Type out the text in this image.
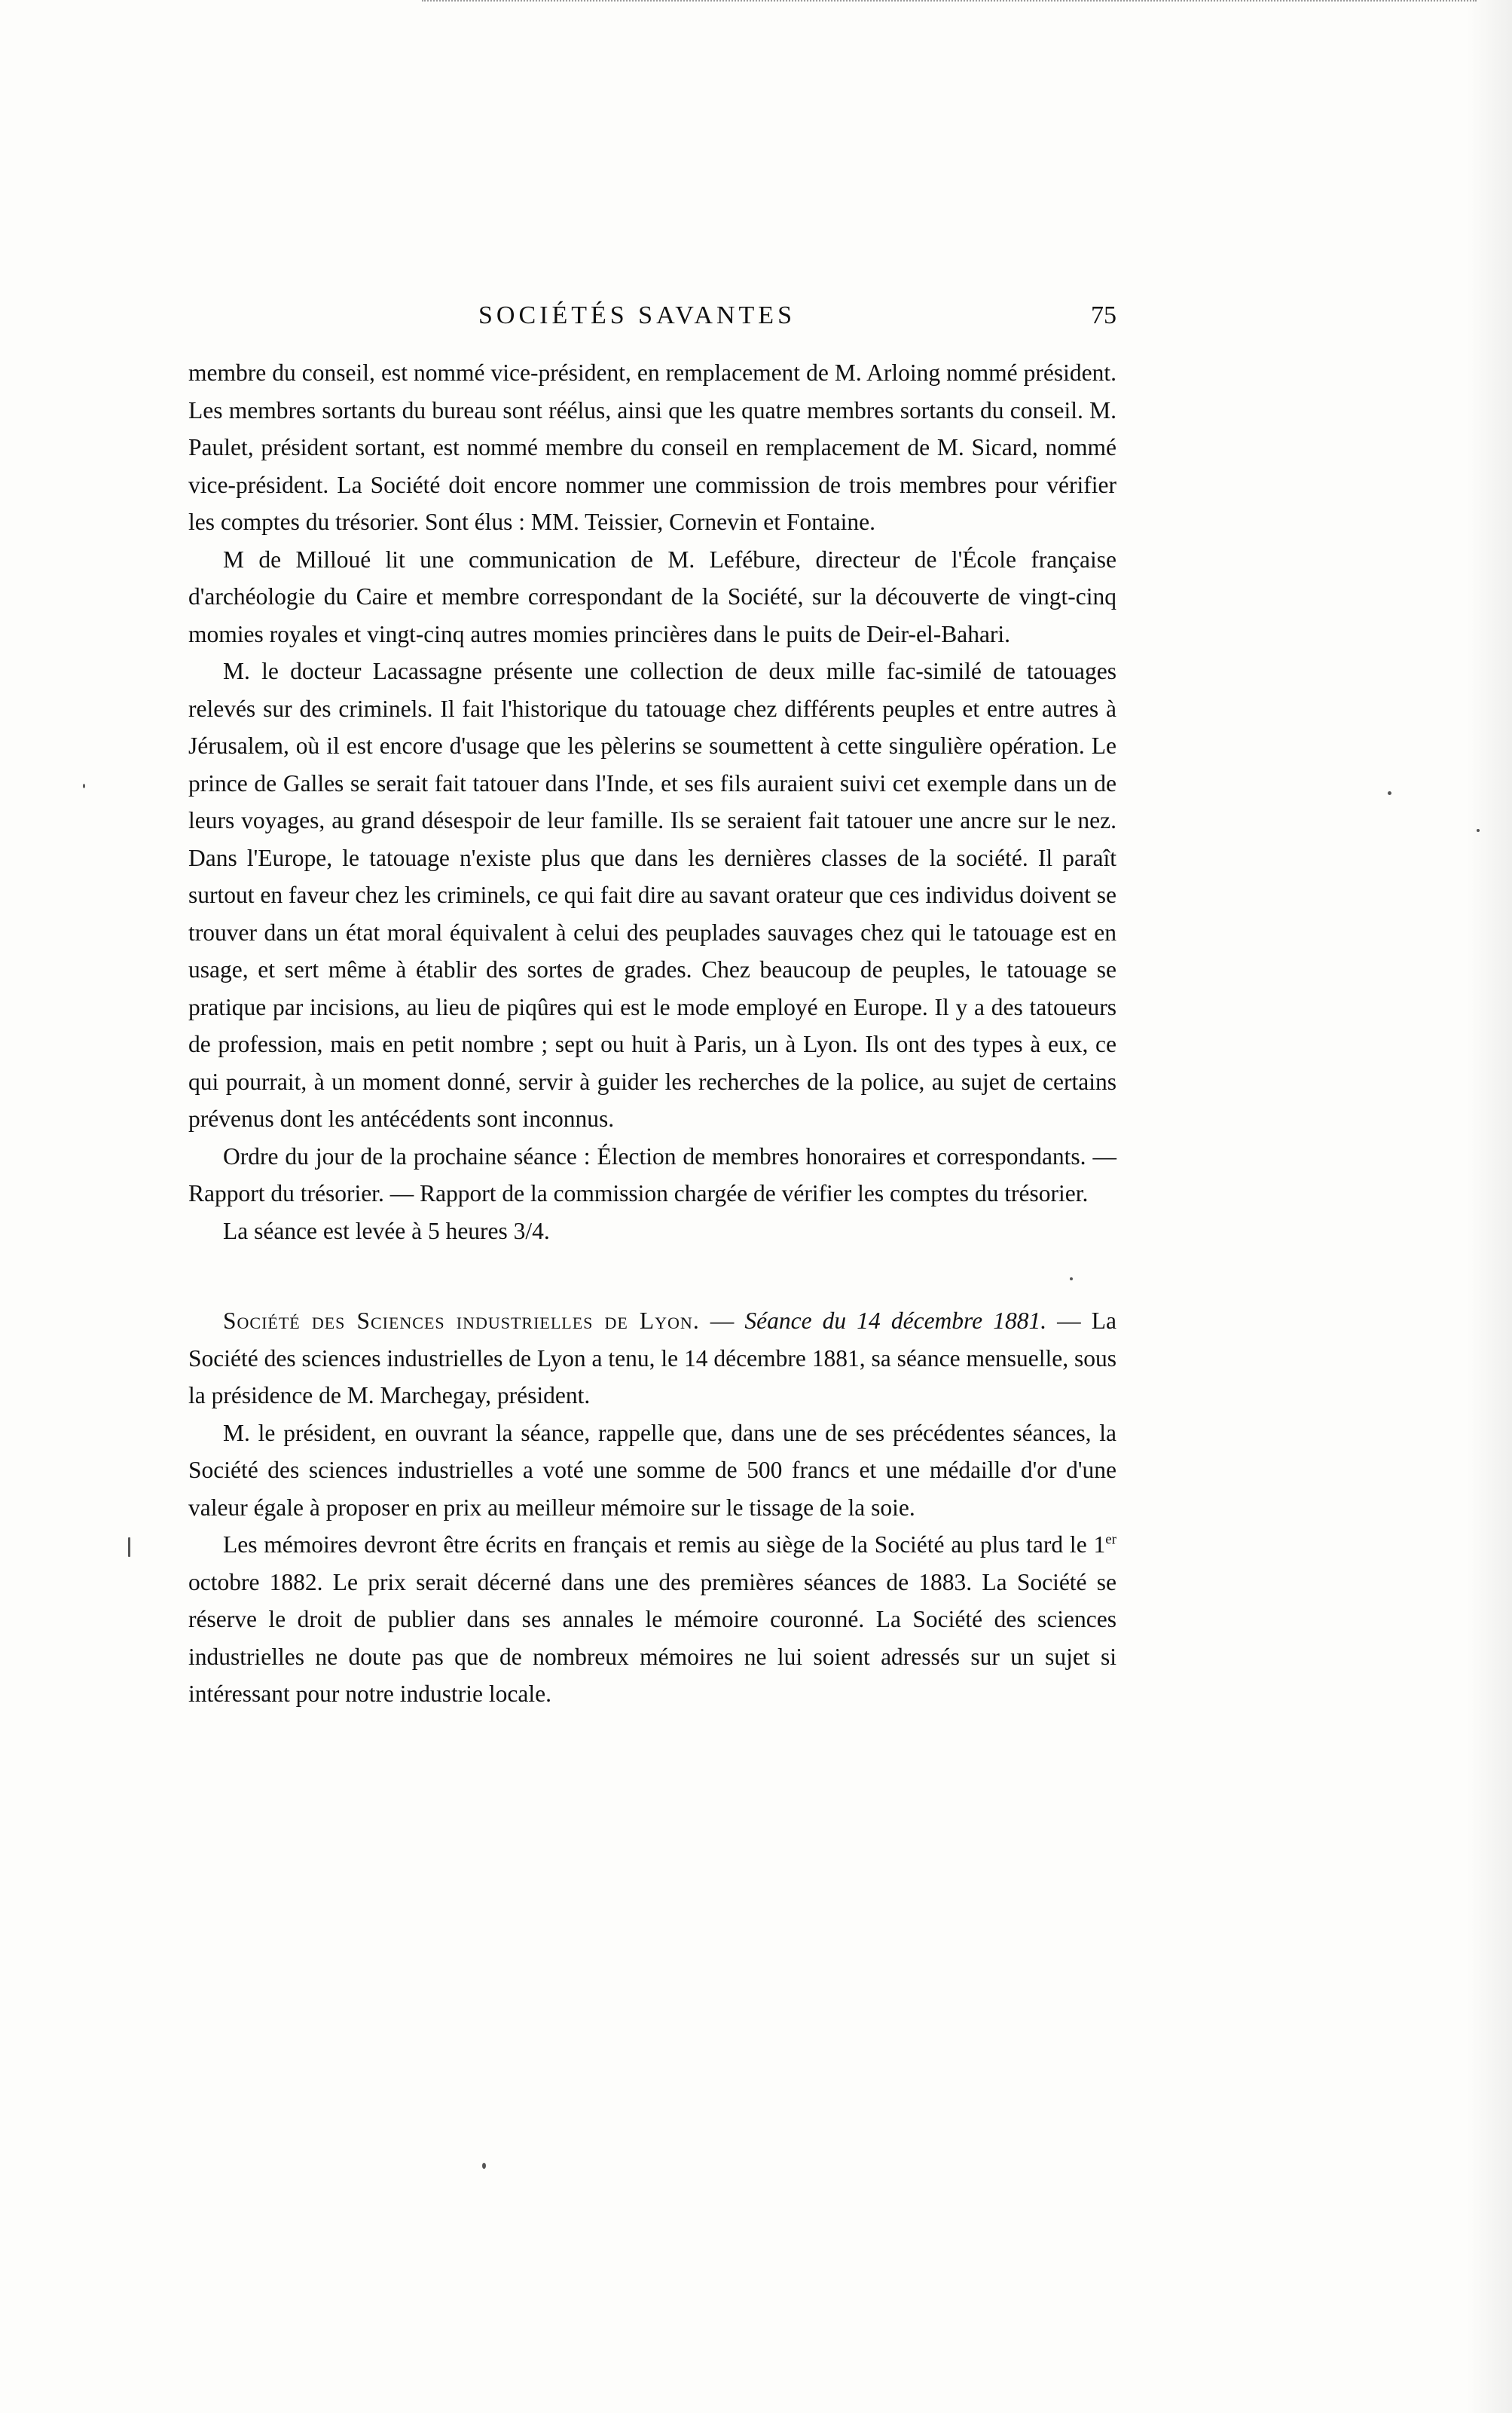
SOCIÉTÉS SAVANTES	75

membre du conseil, est nommé vice-président, en remplacement de M. Arloing nommé président. Les membres sortants du bureau sont réélus, ainsi que les quatre membres sortants du conseil. M. Paulet, président sortant, est nommé membre du conseil en remplacement de M. Sicard, nommé vice-président. La Société doit encore nommer une commission de trois membres pour vérifier les comptes du trésorier. Sont élus : MM. Teissier, Cornevin et Fontaine.

M de Milloué lit une communication de M. Lefébure, directeur de l'École française d'archéologie du Caire et membre correspondant de la Société, sur la découverte de vingt-cinq momies royales et vingt-cinq autres momies princières dans le puits de Deir-el-Bahari.

M. le docteur Lacassagne présente une collection de deux mille fac-similé de tatouages relevés sur des criminels. Il fait l'historique du tatouage chez différents peuples et entre autres à Jérusalem, où il est encore d'usage que les pèlerins se soumettent à cette singulière opération. Le prince de Galles se serait fait tatouer dans l'Inde, et ses fils auraient suivi cet exemple dans un de leurs voyages, au grand désespoir de leur famille. Ils se seraient fait tatouer une ancre sur le nez. Dans l'Europe, le tatouage n'existe plus que dans les dernières classes de la société. Il paraît surtout en faveur chez les criminels, ce qui fait dire au savant orateur que ces individus doivent se trouver dans un état moral équivalent à celui des peuplades sauvages chez qui le tatouage est en usage, et sert même à établir des sortes de grades. Chez beaucoup de peuples, le tatouage se pratique par incisions, au lieu de piqûres qui est le mode employé en Europe. Il y a des tatoueurs de profession, mais en petit nombre ; sept ou huit à Paris, un à Lyon. Ils ont des types à eux, ce qui pourrait, à un moment donné, servir à guider les recherches de la police, au sujet de certains prévenus dont les antécédents sont inconnus.

Ordre du jour de la prochaine séance : Élection de membres honoraires et correspondants. — Rapport du trésorier. — Rapport de la commission chargée de vérifier les comptes du trésorier.

La séance est levée à 5 heures 3/4.

Société des Sciences industrielles de Lyon. — Séance du 14 décembre 1881. — La Société des sciences industrielles de Lyon a tenu, le 14 décembre 1881, sa séance mensuelle, sous la présidence de M. Marchegay, président.

M. le président, en ouvrant la séance, rappelle que, dans une de ses précédentes séances, la Société des sciences industrielles a voté une somme de 500 francs et une médaille d'or d'une valeur égale à proposer en prix au meilleur mémoire sur le tissage de la soie.

Les mémoires devront être écrits en français et remis au siège de la Société au plus tard le 1er octobre 1882. Le prix serait décerné dans une des premières séances de 1883. La Société se réserve le droit de publier dans ses annales le mémoire couronné. La Société des sciences industrielles ne doute pas que de nombreux mémoires ne lui soient adressés sur un sujet si intéressant pour notre industrie locale.
